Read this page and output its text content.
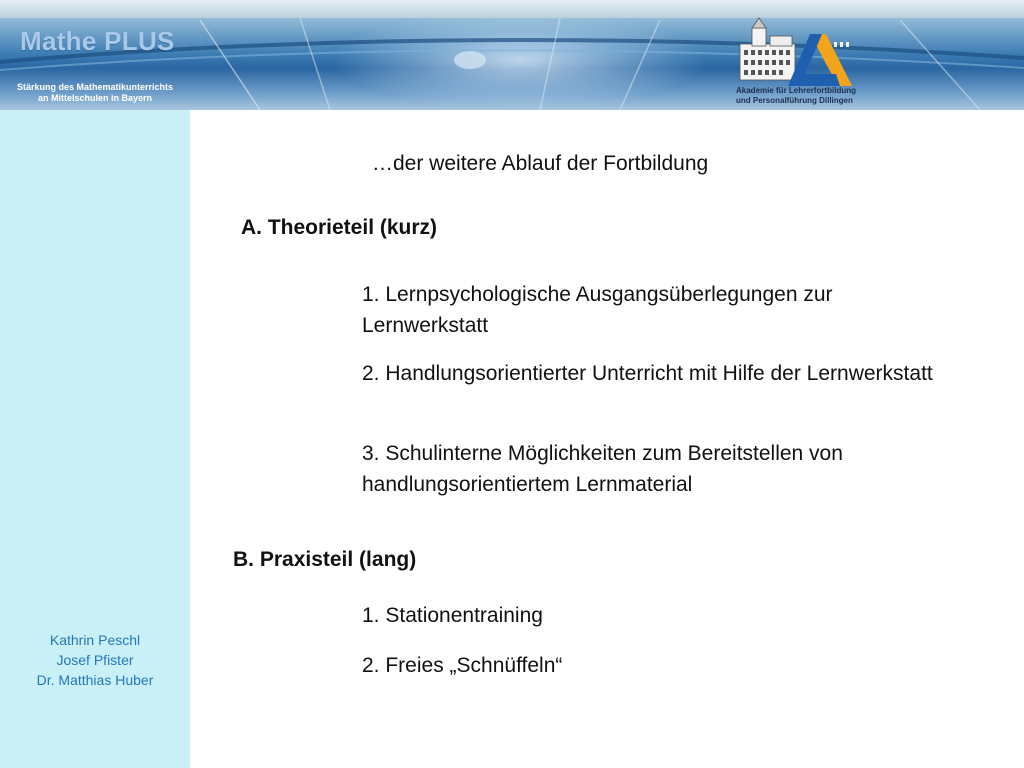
Mathe PLUS
Stärkung des Mathematikunterrichts
an Mittelschulen in Bayern
Akademie für Lehrerfortbildung
und Personalführung Dillingen
Kathrin Peschl
Josef Pfister
Dr. Matthias Huber
…der weitere Ablauf der Fortbildung
A. Theorieteil (kurz)
1. Lernpsychologische Ausgangsüberlegungen zur Lernwerkstatt
2. Handlungsorientierter Unterricht mit Hilfe der Lernwerkstatt
3. Schulinterne Möglichkeiten zum Bereitstellen von handlungsorientiertem Lernmaterial
B. Praxisteil (lang)
1. Stationentraining
2. Freies „Schnüffeln“
